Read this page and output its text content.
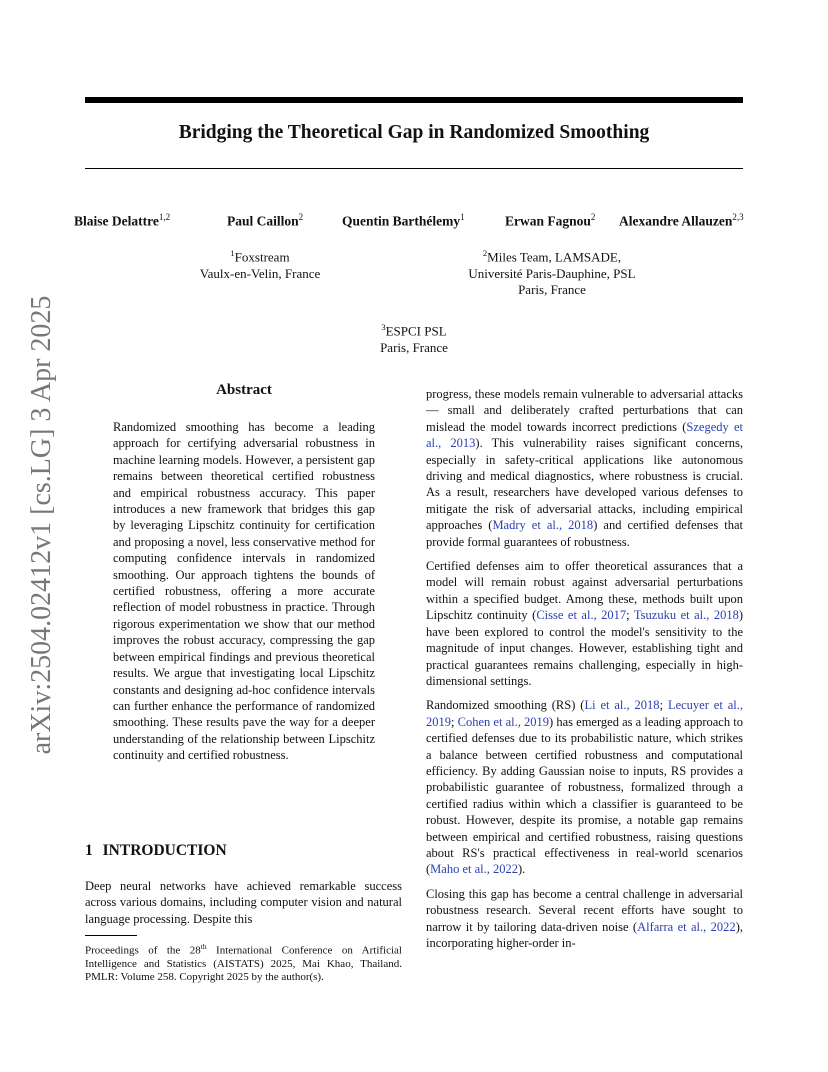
arXiv:2504.02412v1 [cs.LG] 3 Apr 2025
Bridging the Theoretical Gap in Randomized Smoothing
Blaise Delattre$^{1,2}$	Paul Caillon$^2$	Quentin Barthélemy$^1$	Erwan Fagnou$^2$ Alexandre Allauzen$^{2,3}$
$^1$Foxstream
Vaulx-en-Velin, France
$^2$Miles Team, LAMSADE,
Université Paris-Dauphine, PSL
Paris, France
$^3$ESPCI PSL
Paris, France
Abstract
Randomized smoothing has become a leading approach for certifying adversarial robustness in machine learning models. However, a persistent gap remains between theoretical certified robustness and empirical robustness accuracy. This paper introduces a new framework that bridges this gap by leveraging Lipschitz continuity for certification and proposing a novel, less conservative method for computing confidence intervals in randomized smoothing. Our approach tightens the bounds of certified robustness, offering a more accurate reflection of model robustness in practice. Through rigorous experimentation we show that our method improves the robust accuracy, compressing the gap between empirical findings and previous theoretical results. We argue that investigating local Lipschitz constants and designing ad-hoc confidence intervals can further enhance the performance of randomized smoothing. These results pave the way for a deeper understanding of the relationship between Lipschitz continuity and certified robustness.
1 INTRODUCTION
Deep neural networks have achieved remarkable success across various domains, including computer vision and natural language processing. Despite this
Proceedings of the 28th International Conference on Artificial Intelligence and Statistics (AISTATS) 2025, Mai Khao, Thailand. PMLR: Volume 258. Copyright 2025 by the author(s).

progress, these models remain vulnerable to adversarial attacks — small and deliberately crafted perturbations that can mislead the model towards incorrect predictions (Szegedy et al., 2013). This vulnerability raises significant concerns, especially in safety-critical applications like autonomous driving and medical diagnostics, where robustness is crucial. As a result, researchers have developed various defenses to mitigate the risk of adversarial attacks, including empirical approaches (Madry et al., 2018) and certified defenses that provide formal guarantees of robustness.

Certified defenses aim to offer theoretical assurances that a model will remain robust against adversarial perturbations within a specified budget. Among these, methods built upon Lipschitz continuity (Cisse et al., 2017; Tsuzuku et al., 2018) have been explored to control the model's sensitivity to the magnitude of input changes. However, establishing tight and practical guarantees remains challenging, especially in high-dimensional settings.

Randomized smoothing (RS) (Li et al., 2018; Lecuyer et al., 2019; Cohen et al., 2019) has emerged as a leading approach to certified defenses due to its probabilistic nature, which strikes a balance between certified robustness and computational efficiency. By adding Gaussian noise to inputs, RS provides a probabilistic guarantee of robustness, formalized through a certified radius within which a classifier is guaranteed to be robust. However, despite its promise, a notable gap remains between empirical and certified robustness, raising questions about RS's practical effectiveness in real-world scenarios (Maho et al., 2022).

Closing this gap has become a central challenge in adversarial robustness research. Several recent efforts have sought to narrow it by tailoring data-driven noise (Alfarra et al., 2022), incorporating higher-order in-
